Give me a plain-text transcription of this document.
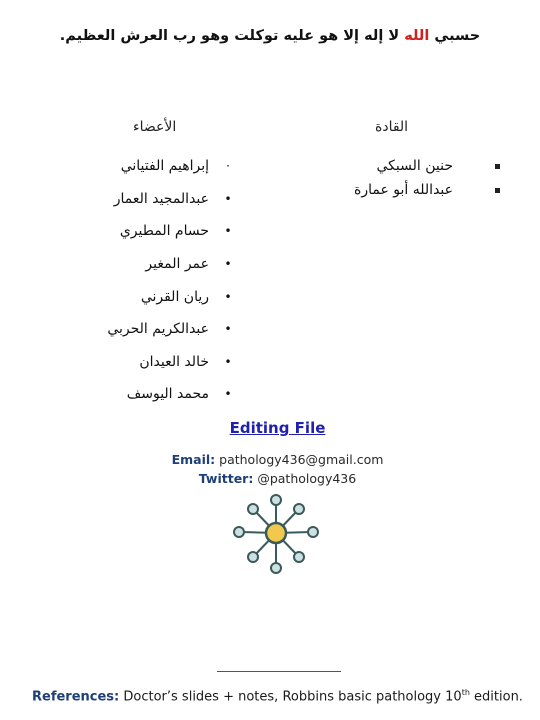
حسبي الله لا إله إلا هو عليه توكلت وهو رب العرش العظيم.
القادة
الأعضاء
حنين السبكي
عبدالله أبو عمارة
·
إبراهيم الفتياني
•
عبدالمجيد العمار
•
حسام المطيري
•
عمر المغير
•
ريان القرني
•
عبدالكريم الحربي
•
خالد العيدان
•
محمد اليوسف
Editing File
Email: pathology436@gmail.com
Twitter: @pathology436
References: Doctor’s slides + notes, Robbins basic pathology 10th edition.
